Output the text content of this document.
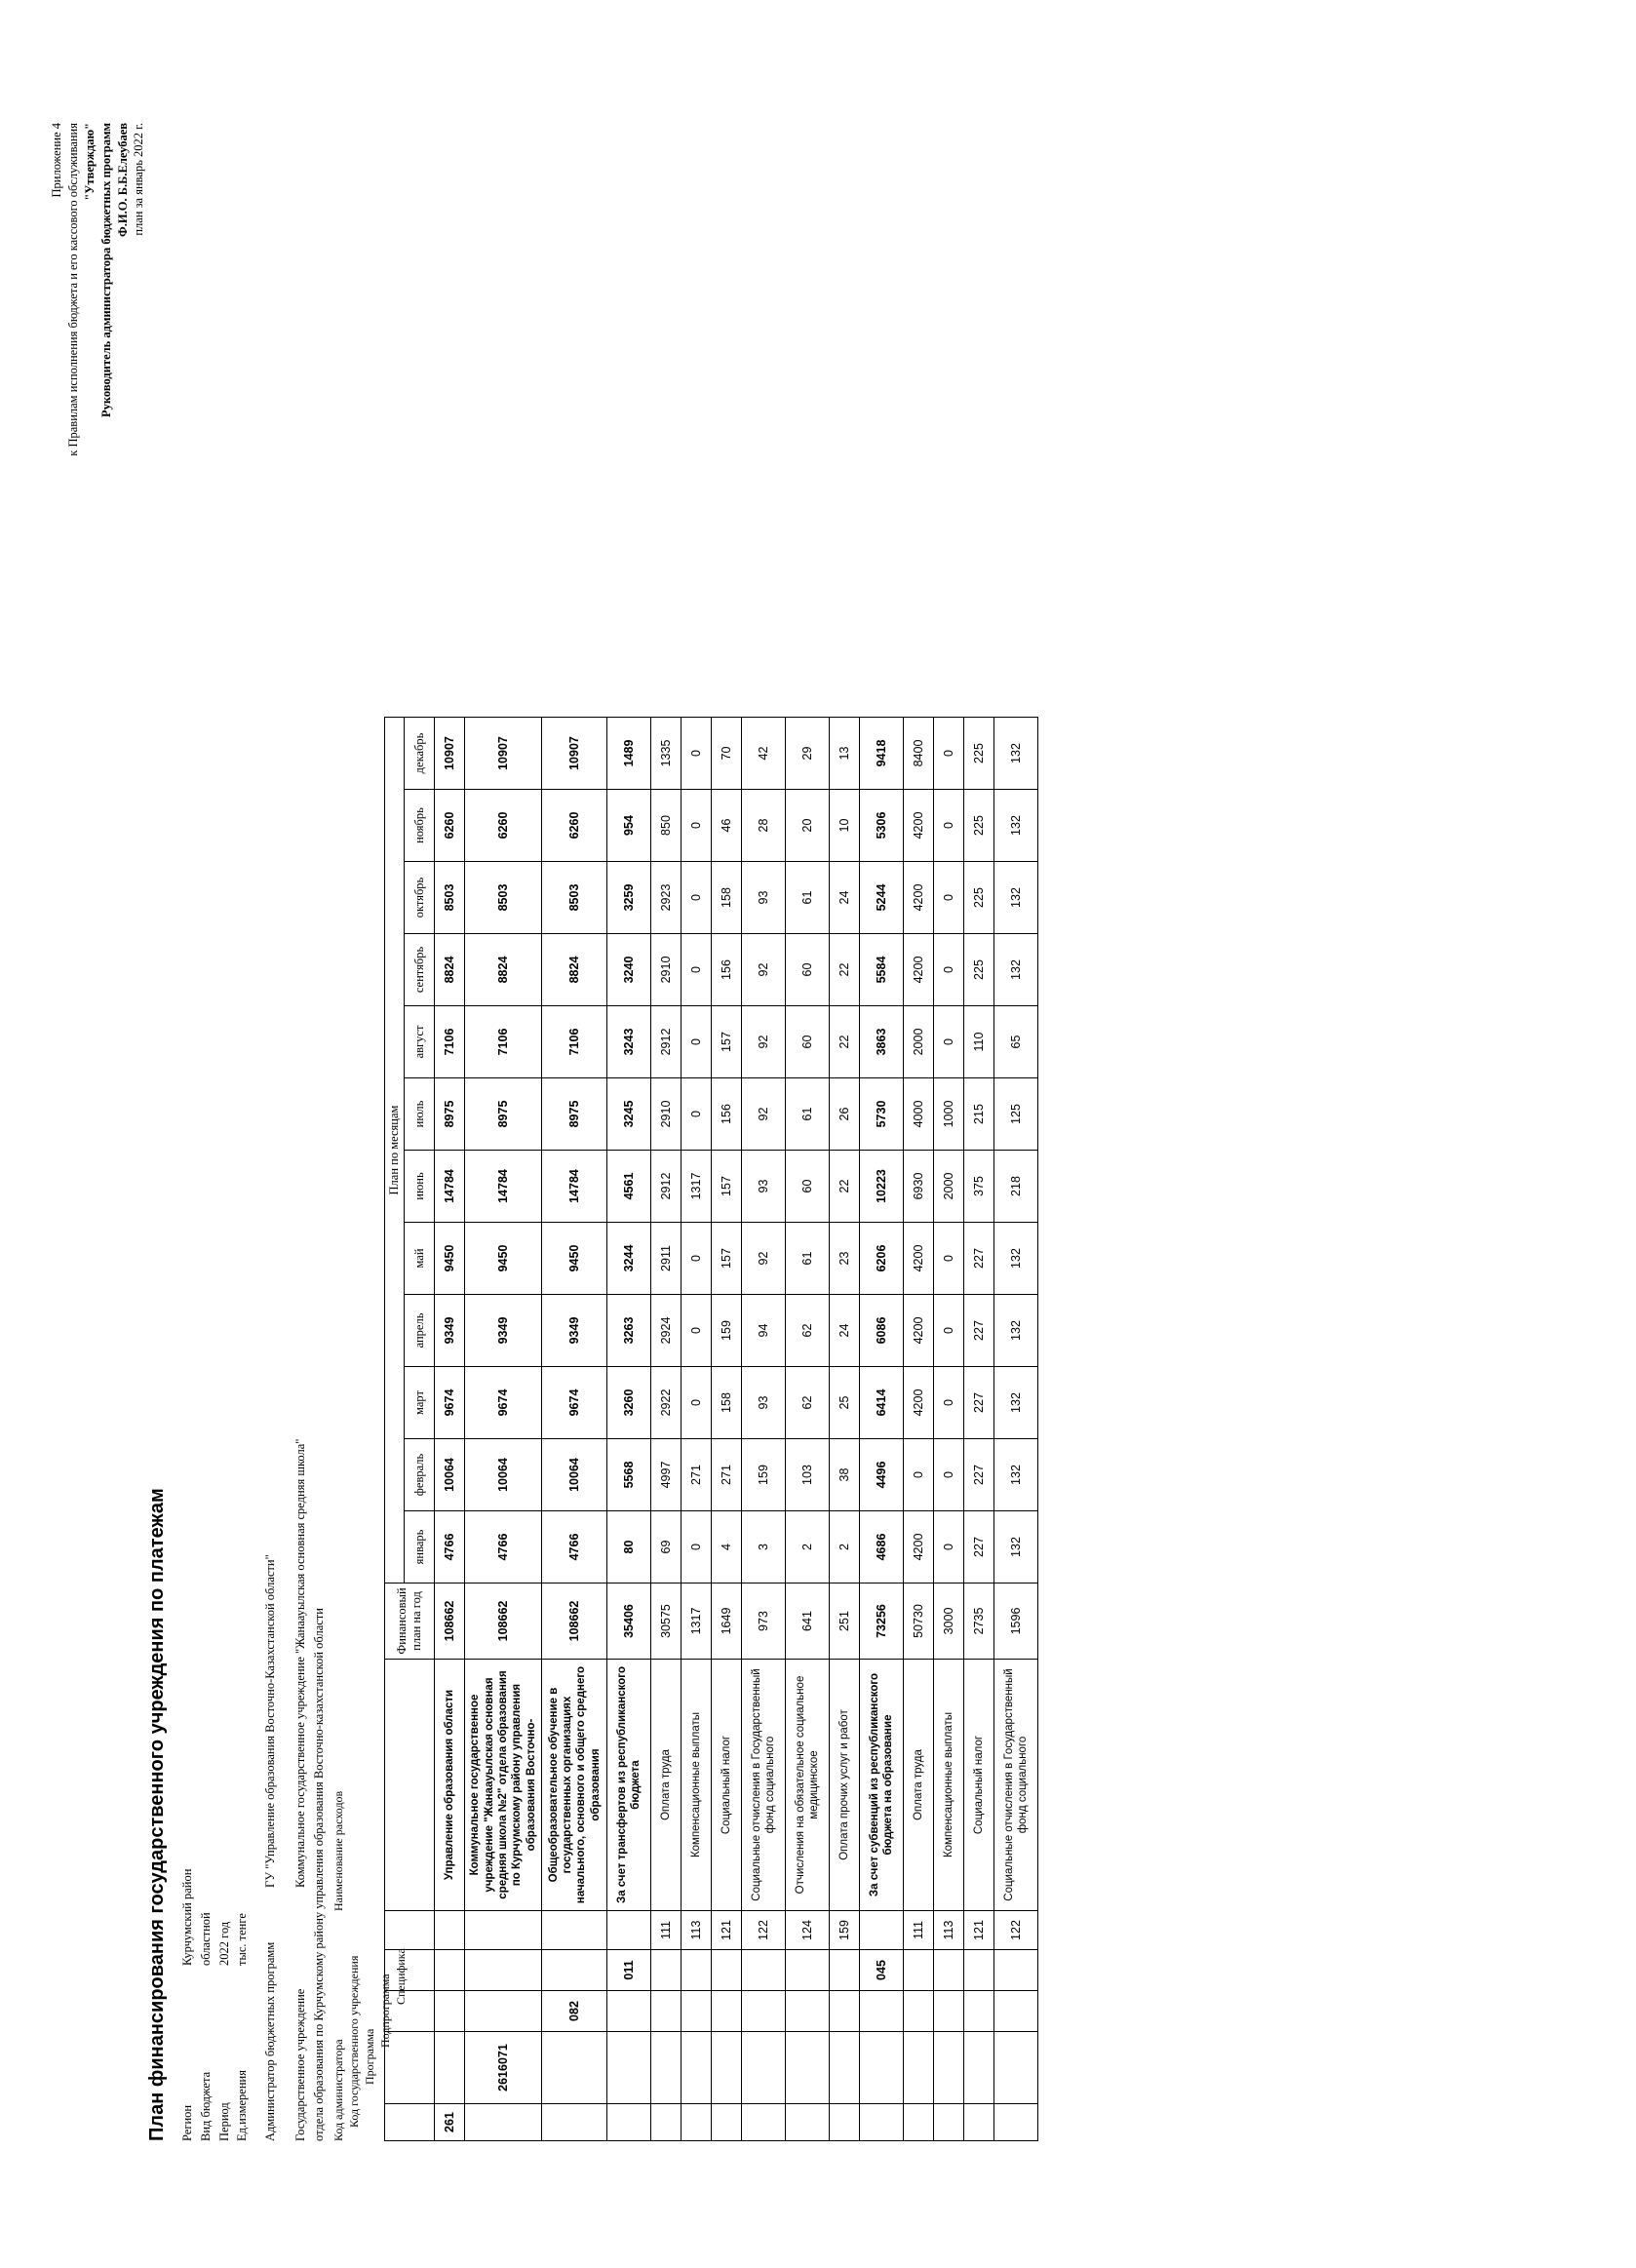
Приложение 4 к Правилам исполнения бюджета и его кассового обслуживания "Утверждаю" Руководитель администратора бюджетных программ Ф.И.О. Б.Б.Елеубаев план за январь 2022 г.
План финансирования государственного учреждения по платежам Регион
Курчумский район
Вид бюджета
областной
Период
2022 год
Ед.измерения
тыс. тенге
Администратор бюджетных программ
ГУ "Управление образования Восточно-Казахстанской области"
Государственное учреждение
Коммунальное государственное учреждение "Жанаауылская основная средняя школа" отдела образования по Курчумскому району управления образования Восточно-казахстанской области Код администратора Код государственного учреждения Программа
Подпрограмма Спецификa
Наименование расходов

						Финансовый план на год	План по месяцам											
							январь	февраль	март	апрель	май	июнь	июль	август	сентябрь	октябрь	ноябрь	декабрь
261					Управление образования области	108662	4766	10064	9674	9349	9450	14784	8975	7106	8824	8503	6260	10907
	2616071				Коммунальное государственное учреждение "Жанаауылская основная средняя школа №2" отдела образования по Курчумскому району управления образования Восточно-	108662	4766	10064	9674	9349	9450	14784	8975	7106	8824	8503	6260	10907
		082			Общеобразовательное обучение в государственных организациях начального, основного и общего среднего образования	108662	4766	10064	9674	9349	9450	14784	8975	7106	8824	8503	6260	10907
			011		За счет трансфертов из республиканского бюджета	35406	80	5568	3260	3263	3244	4561	3245	3243	3240	3259	954	1489
				111	Оплата труда	30575	69	4997	2922	2924	2911	2912	2910	2912	2910	2923	850	1335
				113	Компенсационные выплаты	1317	0	271	0	0	0	1317	0	0	0	0	0	0
				121	Социальный налог	1649	4	271	158	159	157	157	156	157	156	158	46	70
				122	Социальные отчисления в Государственный фонд социального	973	3	159	93	94	92	93	92	92	92	93	28	42
				124	Отчисления на обязательное социальное медицинское	641	2	103	62	62	61	60	61	60	60	61	20	29
				159	Оплата прочих услуг и работ	251	2	38	25	24	23	22	26	22	22	24	10	13
			045		За счет субвенций из республиканского бюджета на образование	73256	4686	4496	6414	6086	6206	10223	5730	3863	5584	5244	5306	9418
				111	Оплата труда	50730	4200	0	4200	4200	4200	6930	4000	2000	4200	4200	4200	8400
				113	Компенсационные выплаты	3000	0	0	0	0	0	2000	1000	0	0	0	0	0
				121	Социальный налог	2735	227	227	227	227	227	375	215	110	225	225	225	225
				122	Социальные отчисления в Государственный фонд социального	1596	132	132	132	132	132	218	125	65	132	132	132	132
